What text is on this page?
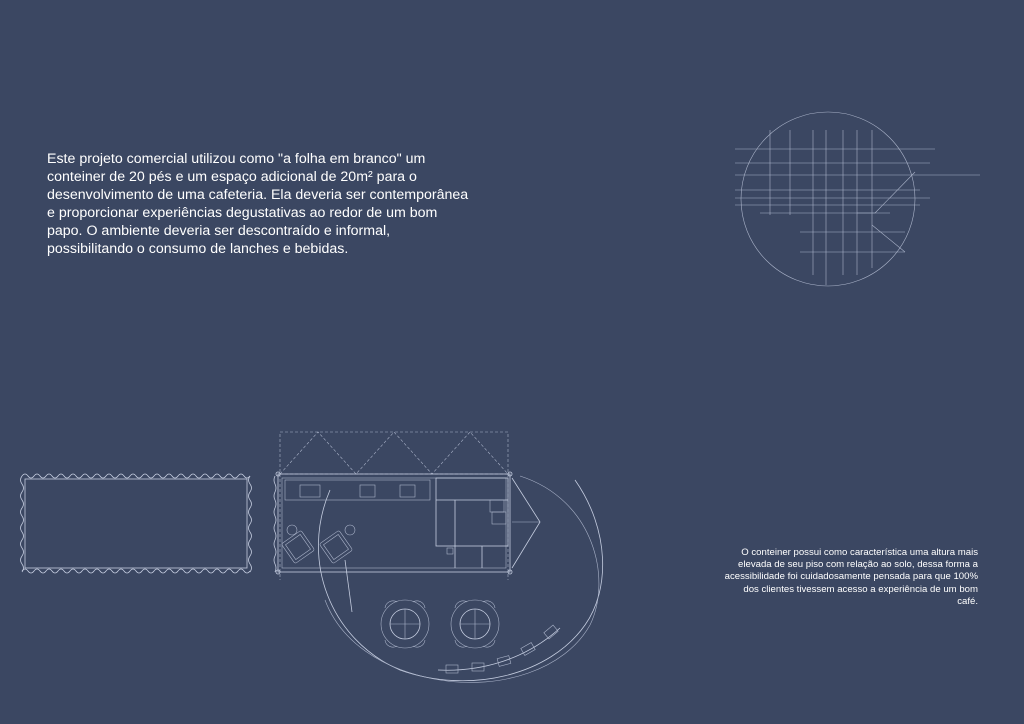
Este projeto comercial utilizou como "a folha em branco" um
conteiner de 20 pés e um espaço adicional de 20m² para o
desenvolvimento de uma cafeteria. Ela deveria ser contemporânea
e proporcionar experiências degustativas ao redor de um bom
papo. O ambiente deveria ser descontraído e informal,
possibilitando o consumo de lanches e bebidas.
O conteiner possui como característica uma altura mais
elevada de seu piso com relação ao solo, dessa forma a
acessibilidade foi cuidadosamente pensada para que 100%
dos clientes tivessem acesso a experiência de um bom
café.
